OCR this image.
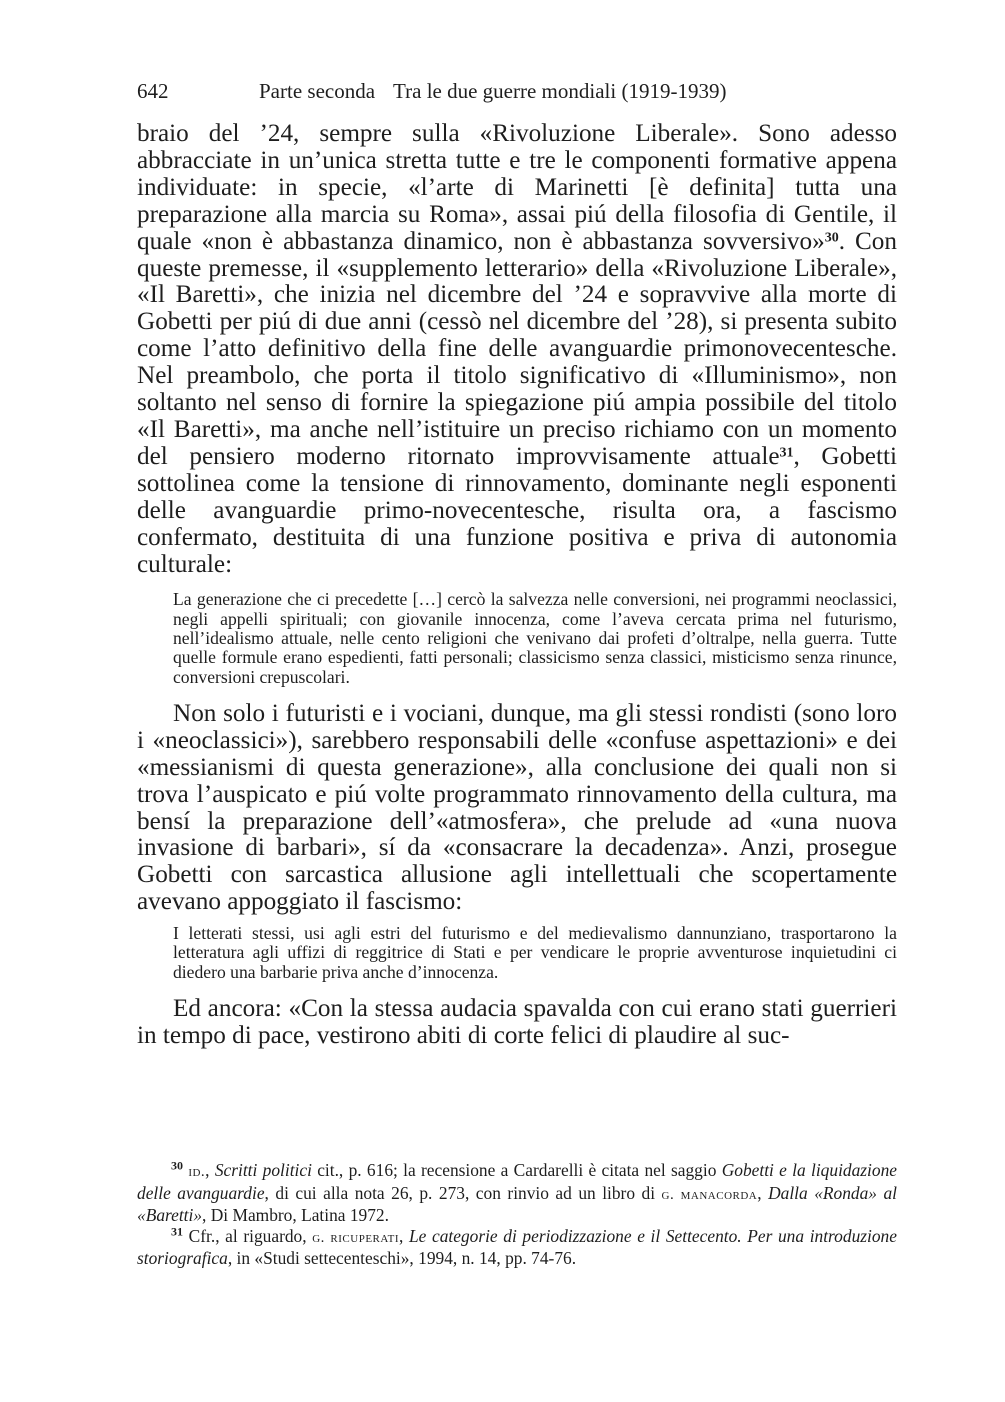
642	Parte seconda Tra le due guerre mondiali (1919-1939)

braio del ’24, sempre sulla «Rivoluzione Liberale». Sono adesso abbracciate in un’unica stretta tutte e tre le componenti formative appena individuate: in specie, «l’arte di Marinetti [è definita] tutta una preparazione alla marcia su Roma», assai piú della filosofia di Gentile, il quale «non è abbastanza dinamico, non è abbastanza sovversivo»$^{30}$. Con queste premesse, il «supplemento letterario» della «Rivoluzione Liberale», «Il Baretti», che inizia nel dicembre del ’24 e sopravvive alla morte di Gobetti per piú di due anni (cessò nel dicembre del ’28), si presenta subito come l’atto definitivo della fine delle avanguardie primonovecentesche. Nel preambolo, che porta il titolo significativo di «Illuminismo», non soltanto nel senso di fornire la spiegazione piú ampia possibile del titolo «Il Baretti», ma anche nell’istituire un preciso richiamo con un momento del pensiero moderno ritornato improvvisamente attuale$^{31}$, Gobetti sottolinea come la tensione di rinnovamento, dominante negli esponenti delle avanguardie primo-novecentesche, risulta ora, a fascismo confermato, destituita di una funzione positiva e priva di autonomia culturale:

La generazione che ci precedette […] cercò la salvezza nelle conversioni, nei programmi neoclassici, negli appelli spirituali; con giovanile innocenza, come l’aveva cercata prima nel futurismo, nell’idealismo attuale, nelle cento religioni che venivano dai profeti d’oltralpe, nella guerra. Tutte quelle formule erano espedienti, fatti personali; classicismo senza classici, misticismo senza rinunce, conversioni crepuscolari.

Non solo i futuristi e i vociani, dunque, ma gli stessi rondisti (sono loro i «neoclassici»), sarebbero responsabili delle «confuse aspettazioni» e dei «messianismi di questa generazione», alla conclusione dei quali non si trova l’auspicato e piú volte programmato rinnovamento della cultura, ma bensí la preparazione dell’«atmosfera», che prelude ad «una nuova invasione di barbari», sí da «consacrare la decadenza». Anzi, prosegue Gobetti con sarcastica allusione agli intellettuali che scopertamente avevano appoggiato il fascismo:

I letterati stessi, usi agli estri del futurismo e del medievalismo dannunziano, trasportarono la letteratura agli uffizi di reggitrice di Stati e per vendicare le proprie avventurose inquietudini ci diedero una barbarie priva anche d’innocenza.

Ed ancora: «Con la stessa audacia spavalda con cui erano stati guerrieri in tempo di pace, vestirono abiti di corte felici di plaudire al suc-

$^{30}$ id., Scritti politici cit., p. 616; la recensione a Cardarelli è citata nel saggio Gobetti e la liquidazione delle avanguardie, di cui alla nota 26, p. 273, con rinvio ad un libro di g. manacorda, Dalla «Ronda» al «Baretti», Di Mambro, Latina 1972.

$^{31}$ Cfr., al riguardo, g. ricuperati, Le categorie di periodizzazione e il Settecento. Per una introduzione storiografica, in «Studi settecenteschi», 1994, n. 14, pp. 74-76.
